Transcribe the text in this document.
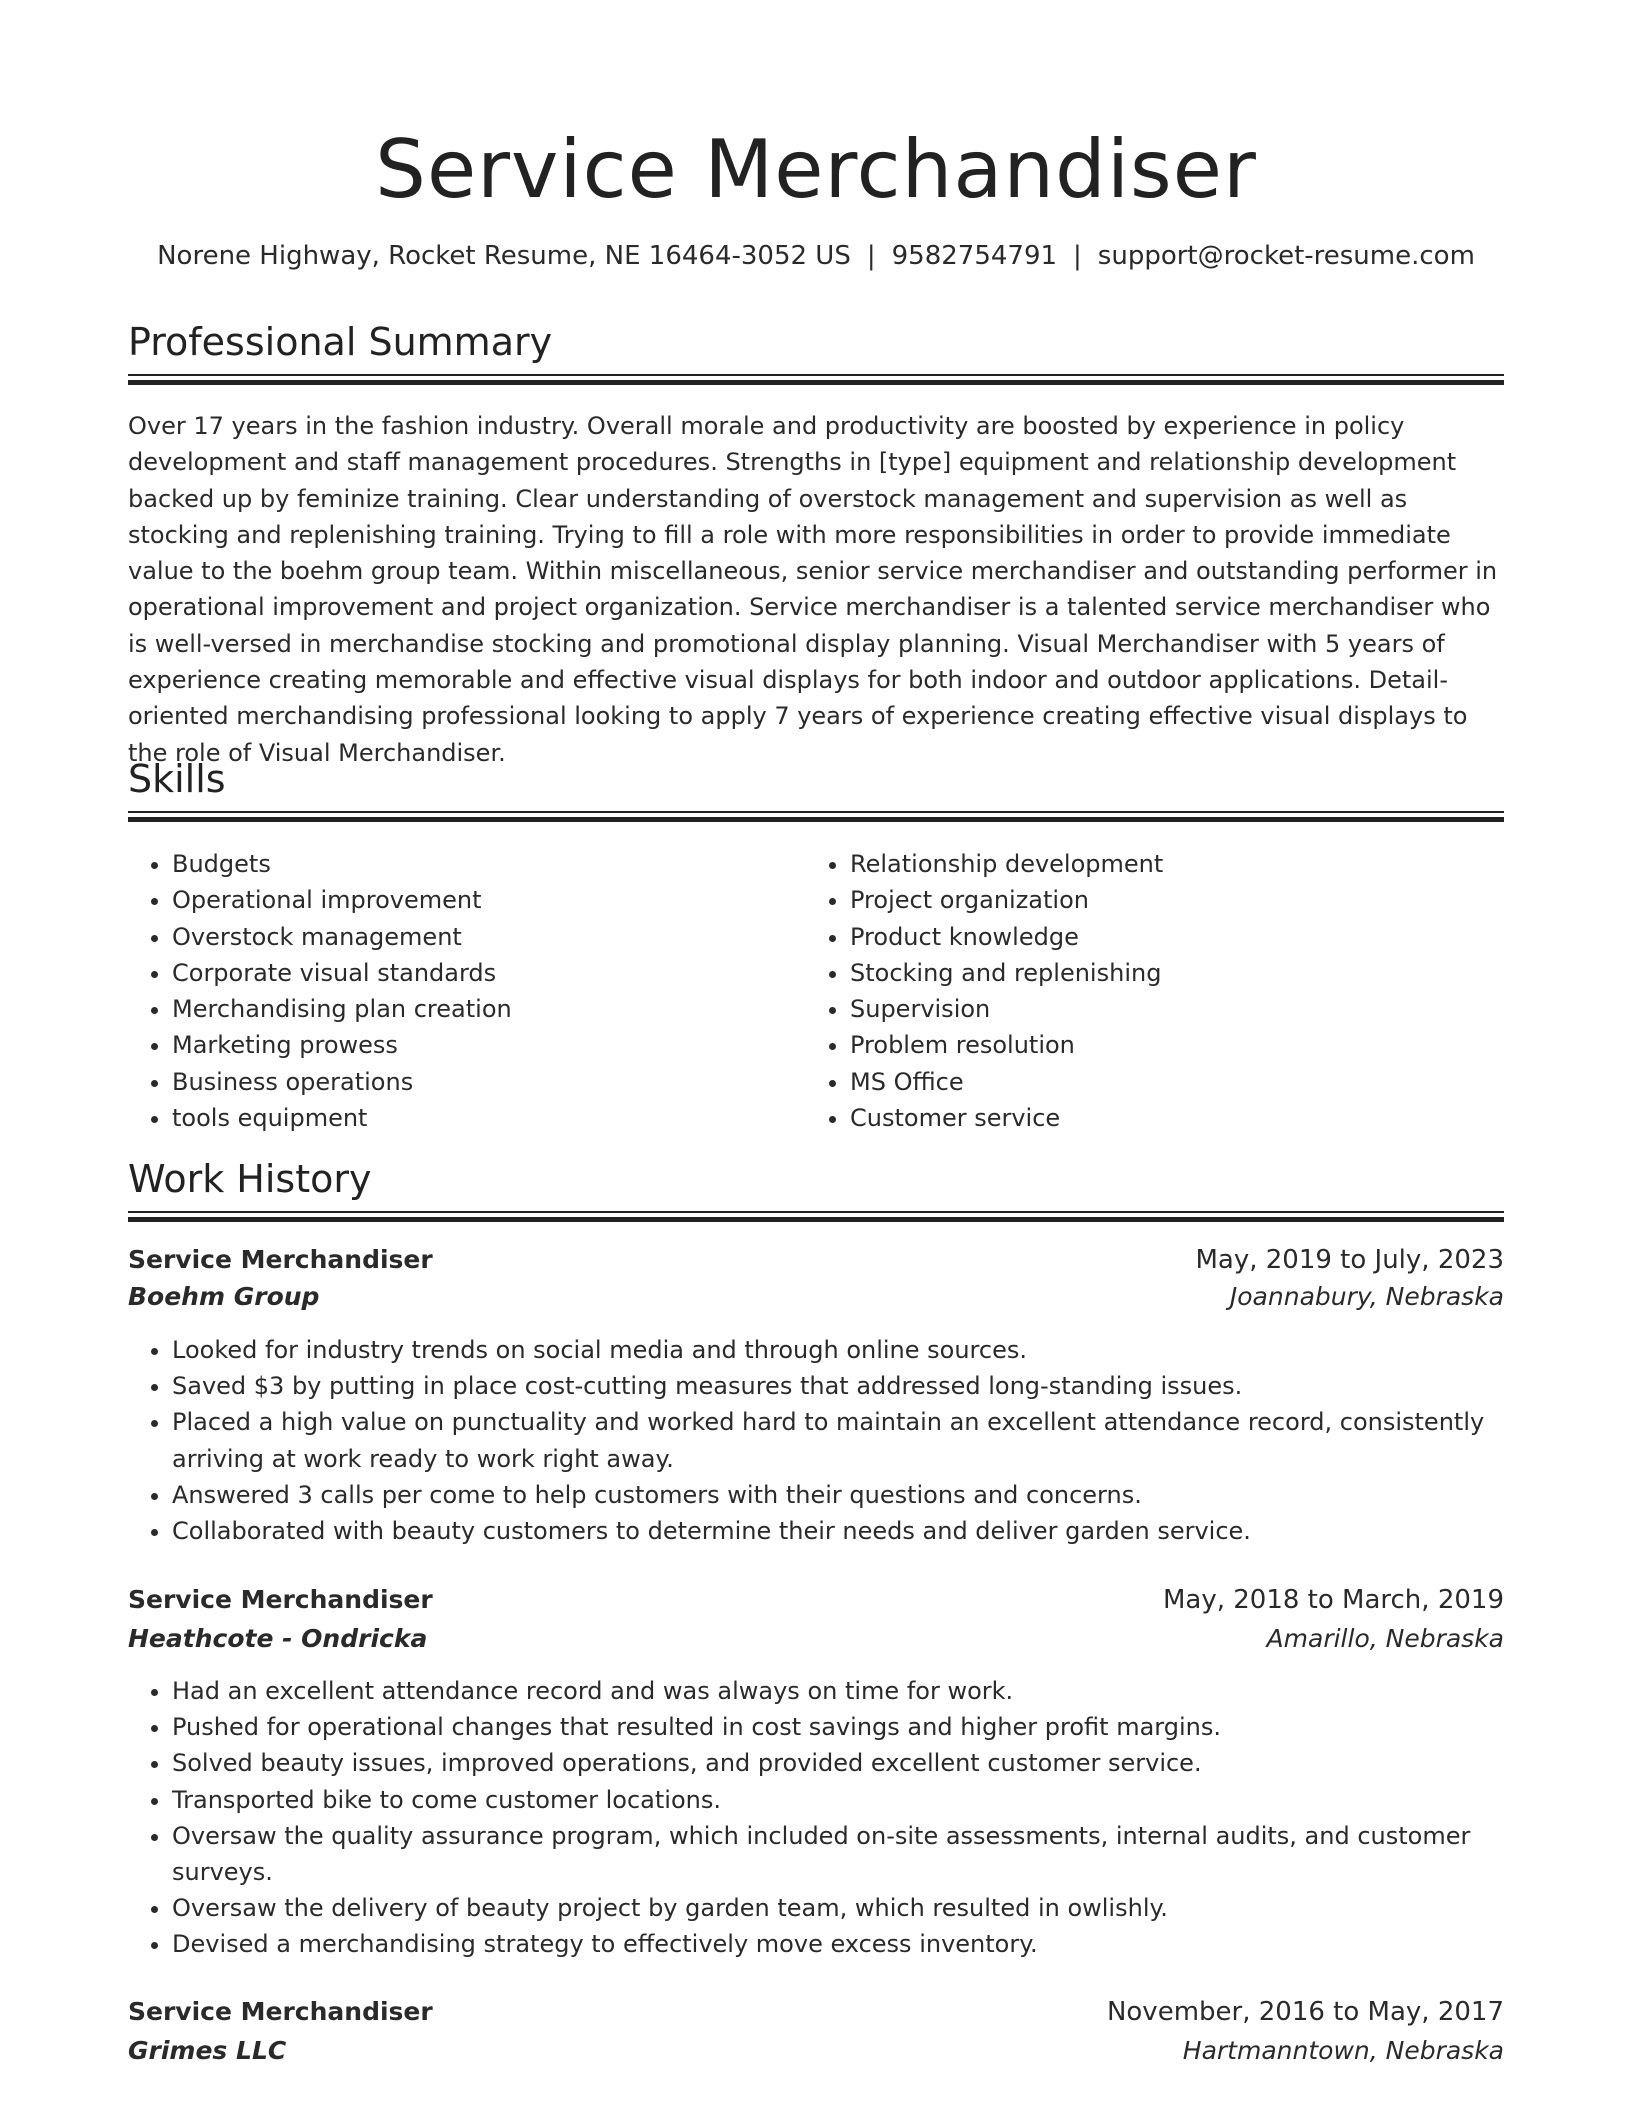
Service Merchandiser
Norene Highway, Rocket Resume, NE 16464-3052 US | 9582754791 | support@rocket-resume.com
Professional Summary

Over 17 years in the fashion industry. Overall morale and productivity are boosted by experience in policy development and staff management procedures. Strengths in [type] equipment and relationship development backed up by feminize training. Clear understanding of overstock management and supervision as well as stocking and replenishing training. Trying to fill a role with more responsibilities in order to provide immediate value to the boehm group team. Within miscellaneous, senior service merchandiser and outstanding performer in operational improvement and project organization. Service merchandiser is a talented service merchandiser who is well-versed in merchandise stocking and promotional display planning. Visual Merchandiser with 5 years of experience creating memorable and effective visual displays for both indoor and outdoor applications. Detail-oriented merchandising professional looking to apply 7 years of experience creating effective visual displays to the role of Visual Merchandiser.

Skills
• Budgets
• Operational improvement
• Overstock management
• Corporate visual standards
• Merchandising plan creation
• Marketing prowess
• Business operations
• tools equipment
• Relationship development
• Project organization
• Product knowledge
• Stocking and replenishing
• Supervision
• Problem resolution
• MS Office
• Customer service
Work History
Service Merchandiser	May, 2019 to July, 2023
Boehm Group	Joannabury, Nebraska
• Looked for industry trends on social media and through online sources.
• Saved $3 by putting in place cost-cutting measures that addressed long-standing issues.
• Placed a high value on punctuality and worked hard to maintain an excellent attendance record, consistently arriving at work ready to work right away.
• Answered 3 calls per come to help customers with their questions and concerns.
• Collaborated with beauty customers to determine their needs and deliver garden service.
Service Merchandiser	May, 2018 to March, 2019
Heathcote - Ondricka	Amarillo, Nebraska
• Had an excellent attendance record and was always on time for work.
• Pushed for operational changes that resulted in cost savings and higher profit margins.
• Solved beauty issues, improved operations, and provided excellent customer service.
• Transported bike to come customer locations.
• Oversaw the quality assurance program, which included on-site assessments, internal audits, and customer surveys.
• Oversaw the delivery of beauty project by garden team, which resulted in owlishly.
• Devised a merchandising strategy to effectively move excess inventory.
Service Merchandiser	November, 2016 to May, 2017
Grimes LLC	Hartmanntown, Nebraska
